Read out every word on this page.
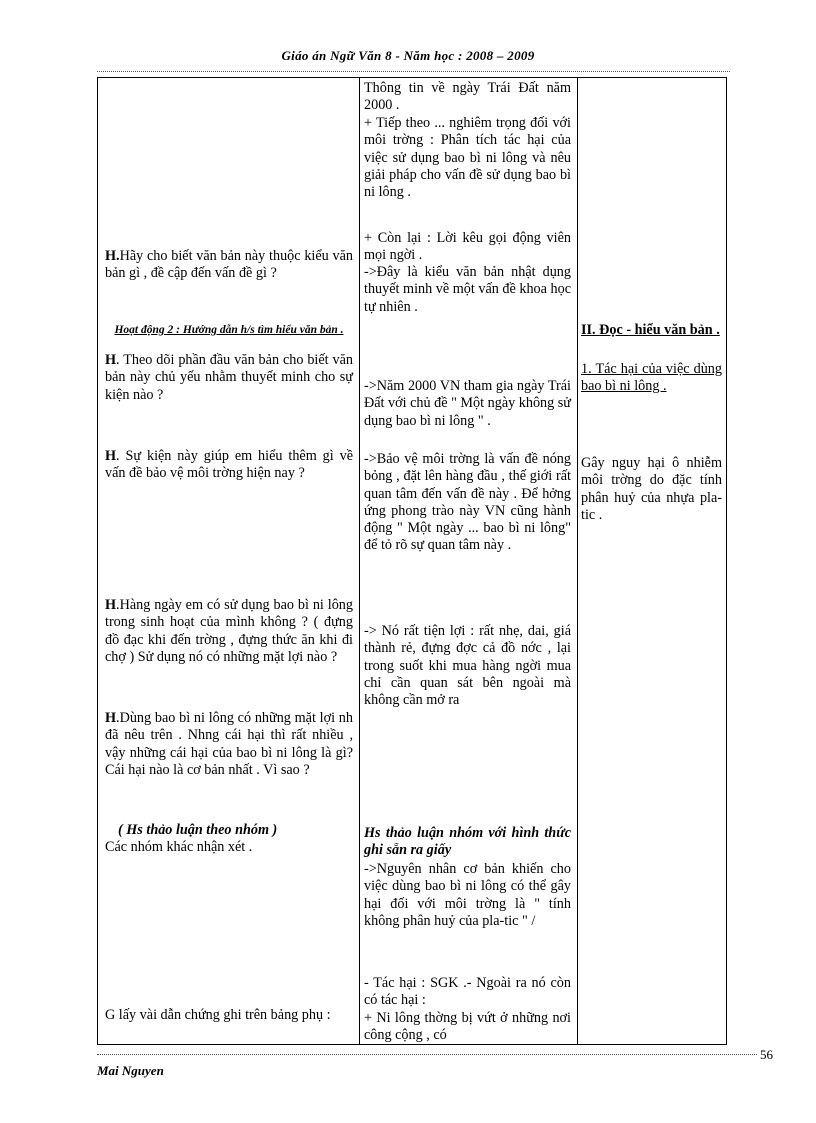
Giáo án Ngữ Văn 8 - Năm học : 2008 – 2009
H.Hãy cho biết văn bản này thuộc kiểu văn bản gì , đề cập đến vấn đề gì ?
Hoạt động 2 : Hướng dẫn h/s tìm hiểu văn bản .
H. Theo dõi phần đầu văn bản cho biết văn bản này chủ yếu nhằm thuyết minh cho sự kiện nào ?
H. Sự kiện này giúp em hiểu thêm gì về vấn đề bảo vệ môi trờng hiện nay ?
H.Hàng ngày em có sử dụng bao bì ni lông trong sinh hoạt của mình không ? ( đựng đồ đạc khi đến trờng , đựng thức ăn khi đi chợ ) Sử dụng nó có những mặt lợi nào ?
H.Dùng bao bì ni lông có những mặt lợi nh đã nêu trên . Nhng cái hại thì rất nhiều , vậy những cái hại của bao bì ni lông là gì? Cái hại nào là cơ bản nhất . Vì sao ?
( Hs thảo luận theo nhóm )
Các nhóm khác nhận xét .
G lấy vài dẫn chứng ghi trên bảng phụ :
Thông tin về ngày Trái Đất năm 2000 .
+ Tiếp theo ... nghiêm trọng đối với môi trờng : Phân tích tác hại của việc sử dụng bao bì ni lông và nêu giải pháp cho vấn đề sử dụng bao bì ni lông .
+ Còn lại : Lời kêu gọi động viên mọi ngời .
->Đây là kiểu văn bản nhật dụng thuyết minh về một vấn đề khoa học tự nhiên .
->Năm 2000 VN tham gia ngày Trái Đất với chủ đề " Một ngày không sử dụng bao bì ni lông " .
->Bảo vệ môi trờng là vấn đề nóng bỏng , đặt lên hàng đầu , thế giới rất quan tâm đến vấn đề này . Để hởng ứng phong trào này VN cũng hành động " Một ngày ... bao bì ni lông" để tỏ rõ sự quan tâm này .
-> Nó rất tiện lợi : rất nhẹ, dai, giá thành rẻ, đựng đợc cả đồ nớc , lại trong suốt khi mua hàng ngời mua chỉ cần quan sát bên ngoài mà không cần mở ra
Hs thảo luận nhóm với hình thức ghi sẵn ra giấy
->Nguyên nhân cơ bản khiến cho việc dùng bao bì ni lông có thể gây hại đối với môi trờng là " tính không phân huỷ của pla-tic " /
- Tác hại : SGK .- Ngoài ra nó còn có tác hại :
+ Ni lông thờng bị vứt ở những nơi công cộng , có
II. Đọc - hiểu văn bản .
1. Tác hại của việc dùng bao bì ni lông .
Gây nguy hại ô nhiễm môi trờng do đặc tính phân huỷ của nhựa pla-tic .
56
Mai Nguyen
